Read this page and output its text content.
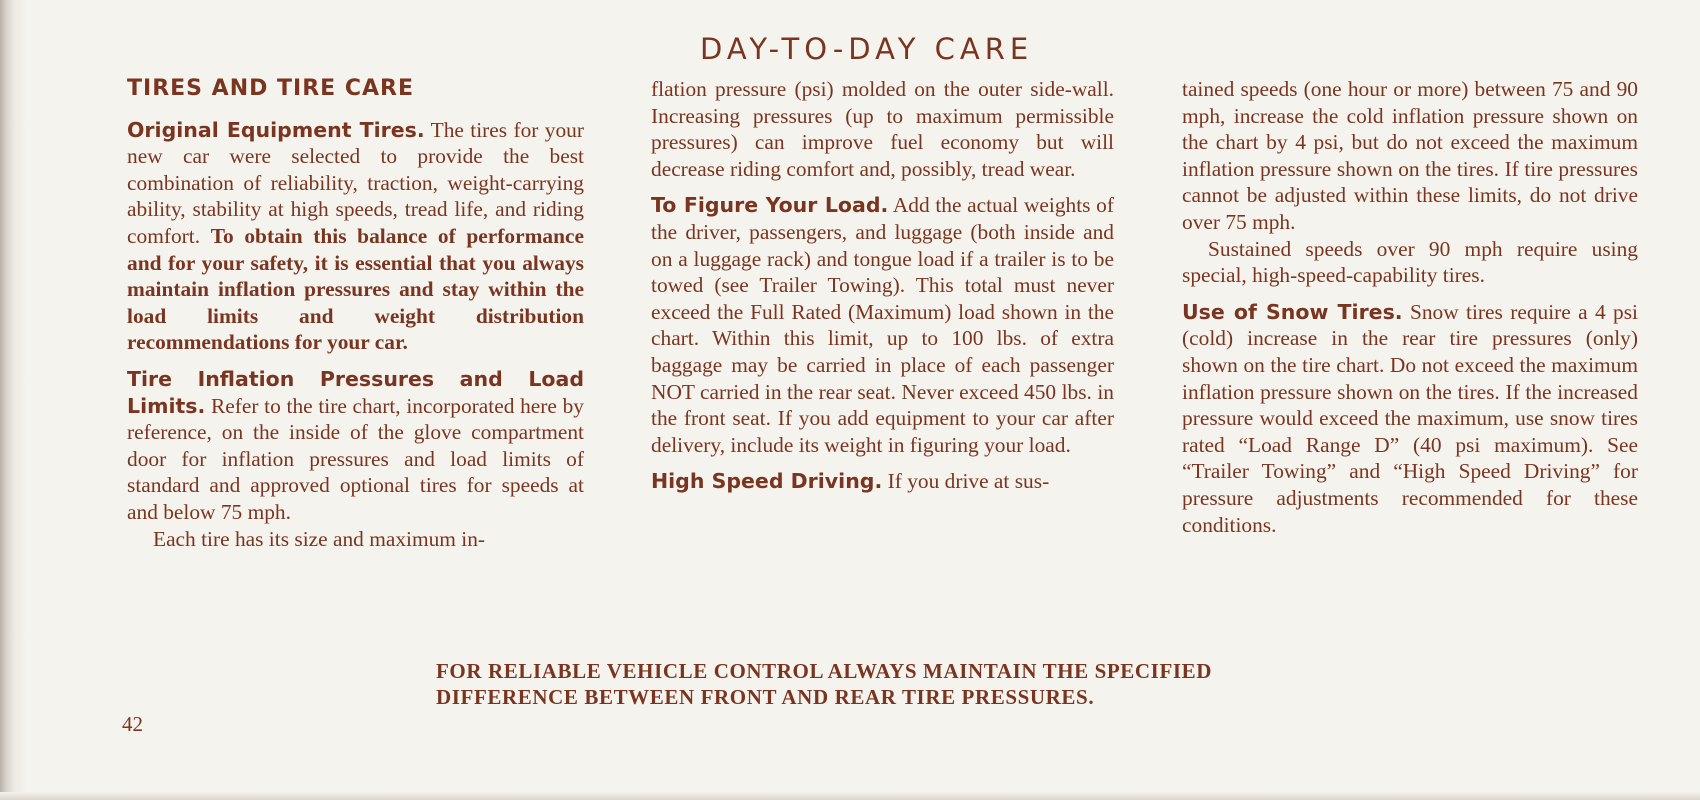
DAY-TO-DAY CARE
TIRES AND TIRE CARE

Original Equipment Tires. The tires for your new car were selected to provide the best combination of reliability, traction, weight-carrying ability, stability at high speeds, tread life, and riding comfort. To obtain this balance of performance and for your safety, it is essential that you always maintain inflation pressures and stay within the load limits and weight distribution recommendations for your car.

Tire Inflation Pressures and Load Limits. Refer to the tire chart, incorporated here by reference, on the inside of the glove compartment door for inflation pressures and load limits of standard and approved optional tires for speeds at and below 75 mph.

Each tire has its size and maximum in-

flation pressure (psi) molded on the outer side-wall. Increasing pressures (up to maximum permissible pressures) can improve fuel economy but will decrease riding comfort and, possibly, tread wear.

To Figure Your Load. Add the actual weights of the driver, passengers, and luggage (both inside and on a luggage rack) and tongue load if a trailer is to be towed (see Trailer Towing). This total must never exceed the Full Rated (Maximum) load shown in the chart. Within this limit, up to 100 lbs. of extra baggage may be carried in place of each passenger NOT carried in the rear seat. Never exceed 450 lbs. in the front seat. If you add equipment to your car after delivery, include its weight in figuring your load.

High Speed Driving. If you drive at sus-

tained speeds (one hour or more) between 75 and 90 mph, increase the cold inflation pressure shown on the chart by 4 psi, but do not exceed the maximum inflation pressure shown on the tires. If tire pressures cannot be adjusted within these limits, do not drive over 75 mph.

Sustained speeds over 90 mph require using special, high-speed-capability tires.

Use of Snow Tires. Snow tires require a 4 psi (cold) increase in the rear tire pressures (only) shown on the tire chart. Do not exceed the maximum inflation pressure shown on the tires. If the increased pressure would exceed the maximum, use snow tires rated “Load Range D” (40 psi maximum). See “Trailer Towing” and “High Speed Driving” for pressure adjustments recommended for these conditions.

FOR RELIABLE VEHICLE CONTROL ALWAYS MAINTAIN THE SPECIFIED
DIFFERENCE BETWEEN FRONT AND REAR TIRE PRESSURES.
42
